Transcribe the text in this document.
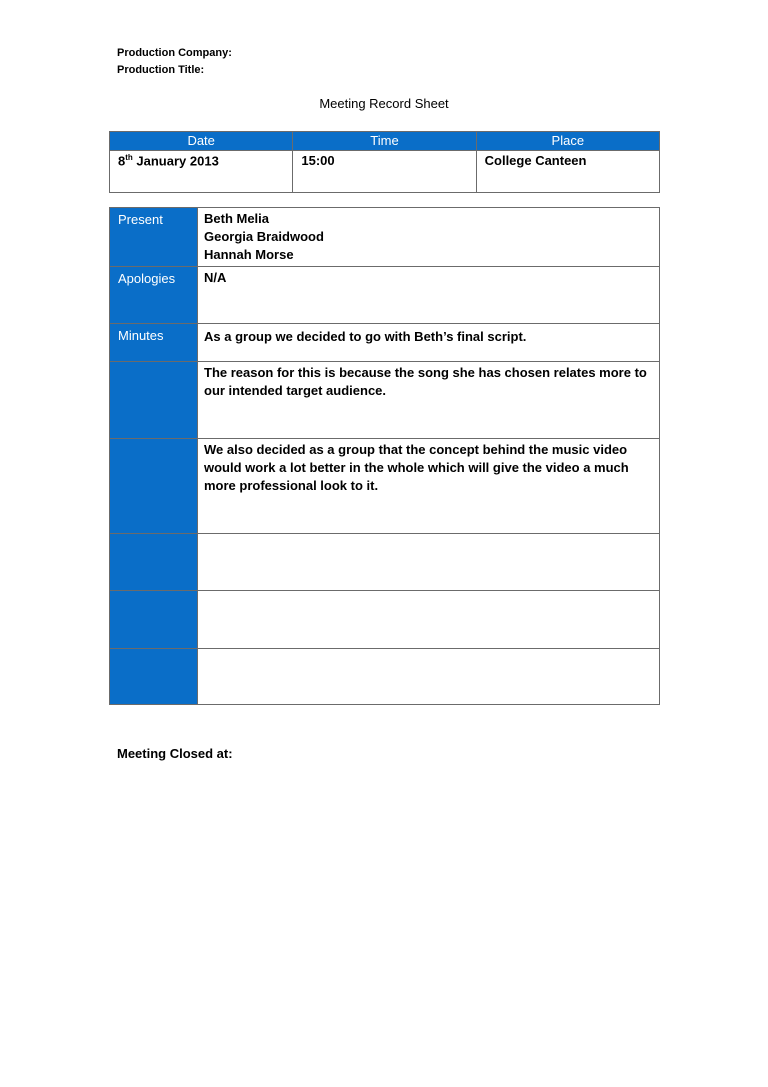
Production Company:
Production Title:
Meeting Record Sheet
Date	Time	Place
8th January 2013	15:00	College Canteen
Present	Beth Melia
Georgia Braidwood
Hannah Morse

Apologies	N/A
Minutes	As a group we decided to go with Beth’s final script.
	The reason for this is because the song she has chosen relates more to our intended target audience.
	We also decided as a group that the concept behind the music video would work a lot better in the whole which will give the video a much more professional look to it.

Meeting Closed at:
